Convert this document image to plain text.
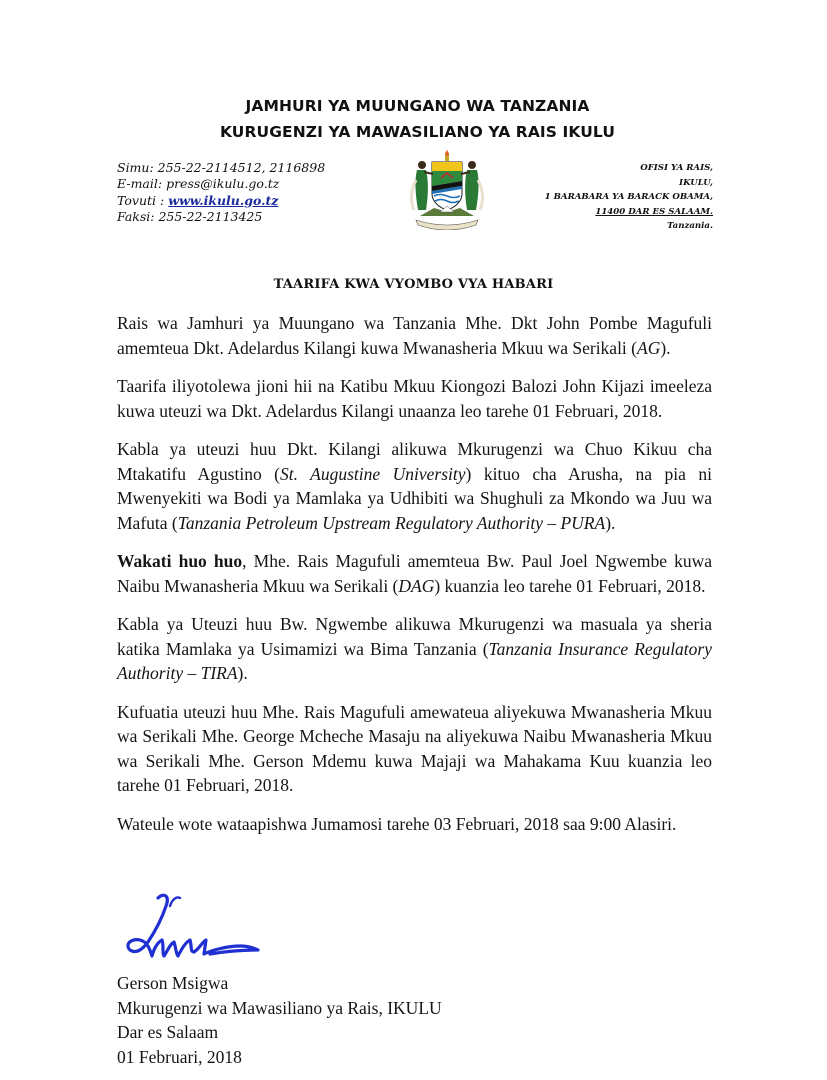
JAMHURI YA MUUNGANO WA TANZANIA
KURUGENZI YA MAWASILIANO YA RAIS IKULU
Simu: 255-22-2114512, 2116898
E-mail: press@ikulu.go.tz
Tovuti : www.ikulu.go.tz
Faksi: 255-22-2113425
OFISI YA RAIS,
IKULU,
1 BARABARA YA BARACK OBAMA,
11400 DAR ES SALAAM.
Tanzania.
TAARIFA KWA VYOMBO VYA HABARI

Rais wa Jamhuri ya Muungano wa Tanzania Mhe. Dkt John Pombe Magufuli amemteua Dkt. Adelardus Kilangi kuwa Mwanasheria Mkuu wa Serikali (AG).

Taarifa iliyotolewa jioni hii na Katibu Mkuu Kiongozi Balozi John Kijazi imeeleza kuwa uteuzi wa Dkt. Adelardus Kilangi unaanza leo tarehe 01 Februari, 2018.

Kabla ya uteuzi huu Dkt. Kilangi alikuwa Mkurugenzi wa Chuo Kikuu cha Mtakatifu Agustino (St. Augustine University) kituo cha Arusha, na pia ni Mwenyekiti wa Bodi ya Mamlaka ya Udhibiti wa Shughuli za Mkondo wa Juu wa Mafuta (Tanzania Petroleum Upstream Regulatory Authority – PURA).

Wakati huo huo, Mhe. Rais Magufuli amemteua Bw. Paul Joel Ngwembe kuwa Naibu Mwanasheria Mkuu wa Serikali (DAG) kuanzia leo tarehe 01 Februari, 2018.

Kabla ya Uteuzi huu Bw. Ngwembe alikuwa Mkurugenzi wa masuala ya sheria katika Mamlaka ya Usimamizi wa Bima Tanzania (Tanzania Insurance Regulatory Authority – TIRA).

Kufuatia uteuzi huu Mhe. Rais Magufuli amewateua aliyekuwa Mwanasheria Mkuu wa Serikali Mhe. George Mcheche Masaju na aliyekuwa Naibu Mwanasheria Mkuu wa Serikali Mhe. Gerson Mdemu kuwa Majaji wa Mahakama Kuu kuanzia leo tarehe 01 Februari, 2018.

Wateule wote wataapishwa Jumamosi tarehe 03 Februari, 2018 saa 9:00 Alasiri.

Gerson Msigwa
Mkurugenzi wa Mawasiliano ya Rais, IKULU
Dar es Salaam
01 Februari, 2018
